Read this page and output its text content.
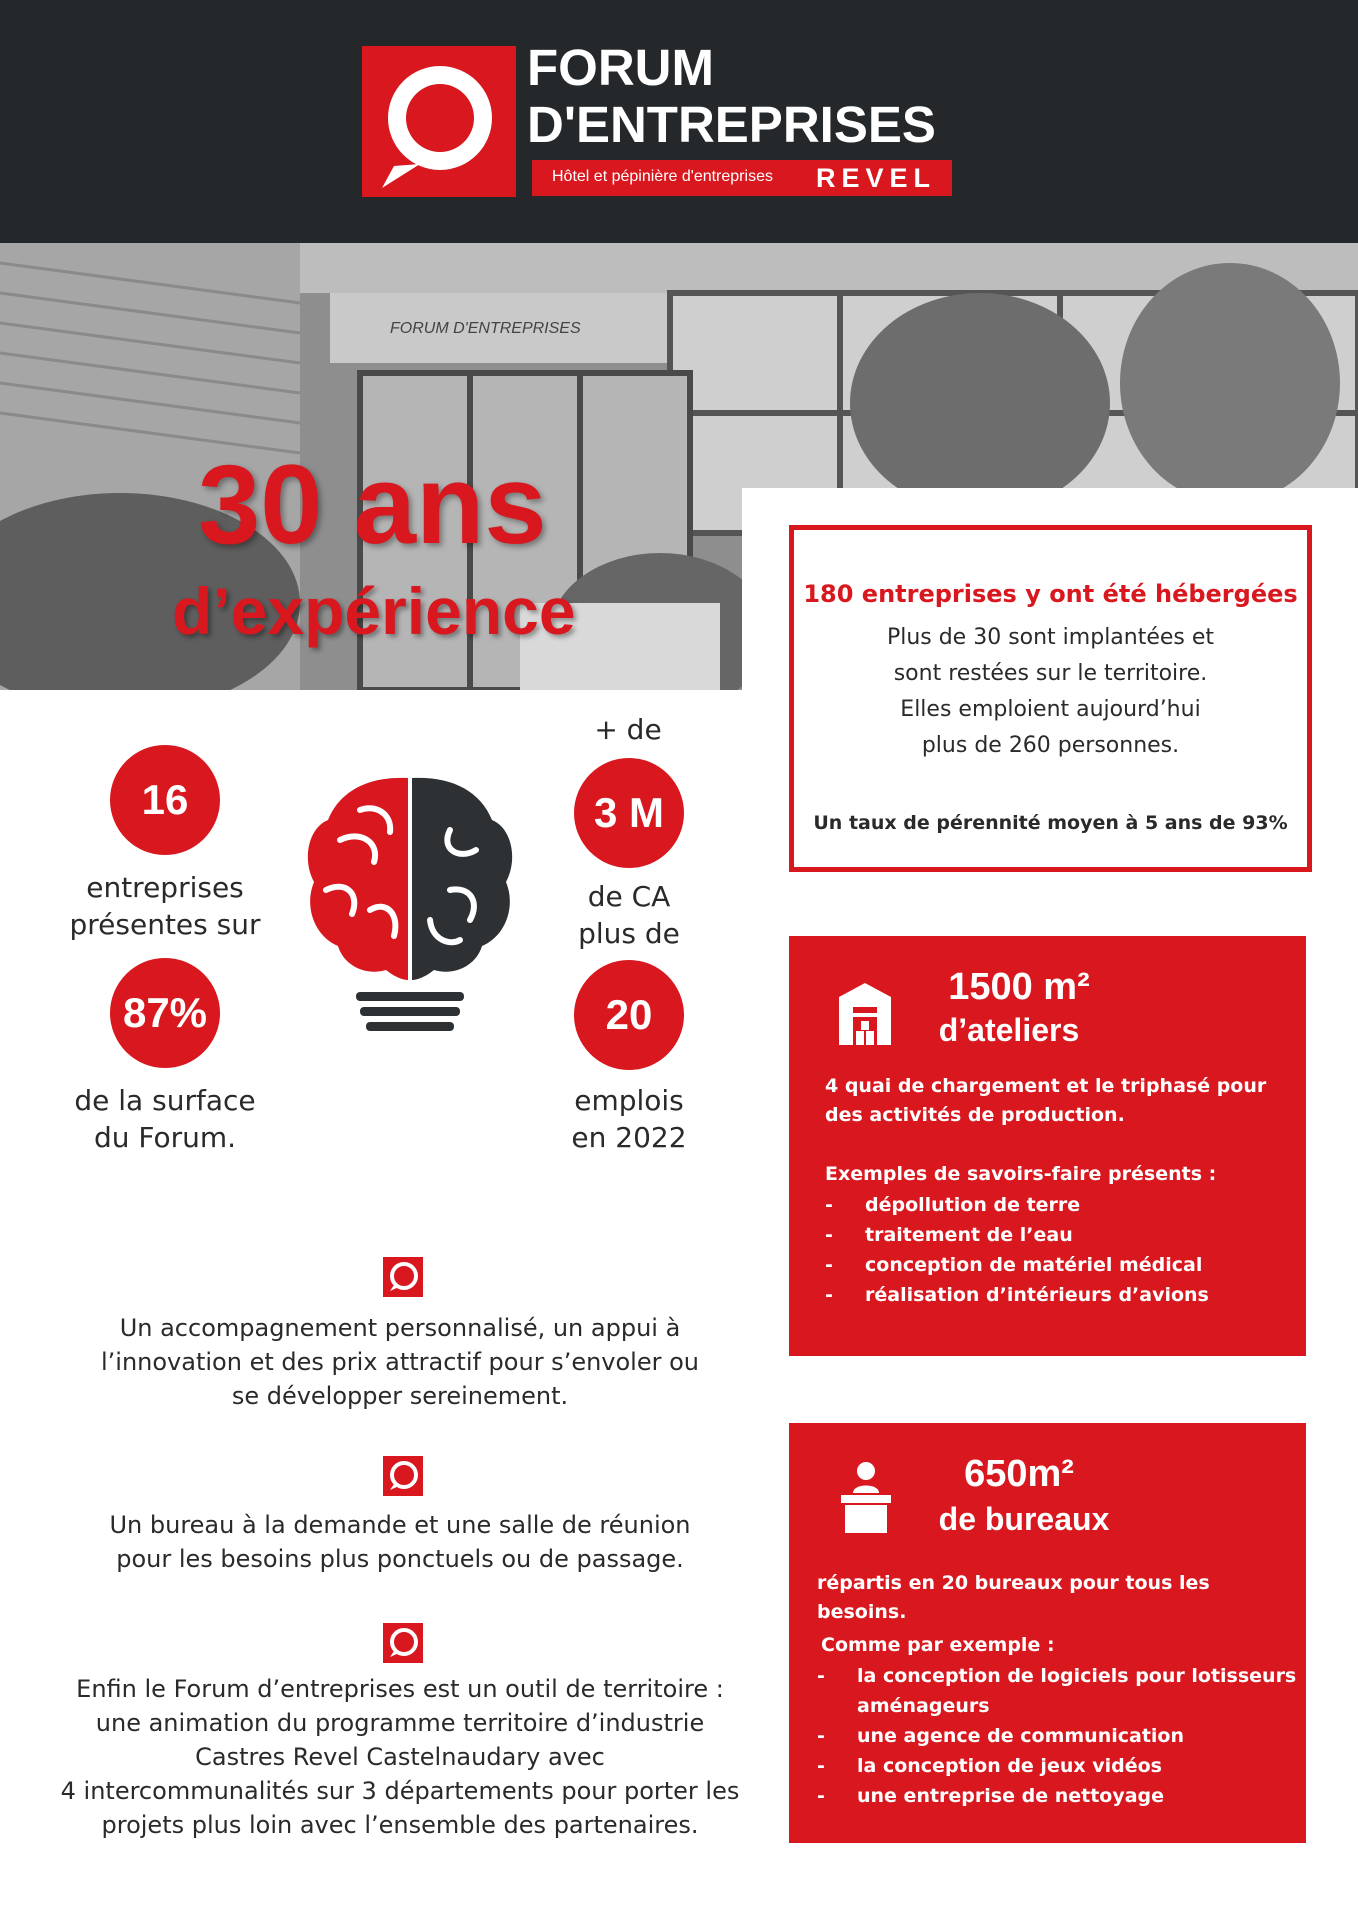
FORUM
D'ENTREPRISES
Hôtel et pépinière d'entreprises REVEL
FORUM D'ENTREPRISES
30 ans
d’expérience
+ de
16
entreprises
présentes sur
87%
de la surface
du Forum.
3 M
de CA
plus de
20
emplois
en 2022
Un accompagnement personnalisé, un appui à
l’innovation et des prix attractif pour s’envoler ou
se développer sereinement.
Un bureau à la demande et une salle de réunion
pour les besoins plus ponctuels ou de passage.
Enfin le Forum d’entreprises est un outil de territoire :
une animation du programme territoire d’industrie
Castres Revel Castelnaudary avec
4 intercommunalités sur 3 départements pour porter les
projets plus loin avec l’ensemble des partenaires.
180 entreprises y ont été hébergées
Plus de 30 sont implantées et
sont restées sur le territoire.
Elles emploient aujourd’hui
plus de 260 personnes.
Un taux de pérennité moyen à 5 ans de 93%
1500 m²
d’ateliers
4 quai de chargement et le triphasé pour
des activités de production.
Exemples de savoirs-faire présents :
- dépollution de terre
- traitement de l’eau
- conception de matériel médical
- réalisation d’intérieurs d’avions
650m²
de bureaux
répartis en 20 bureaux pour tous les besoins.
Comme par exemple :
- la conception de logiciels pour lotisseurs aménageurs
- une agence de communication
- la conception de jeux vidéos
- une entreprise de nettoyage
